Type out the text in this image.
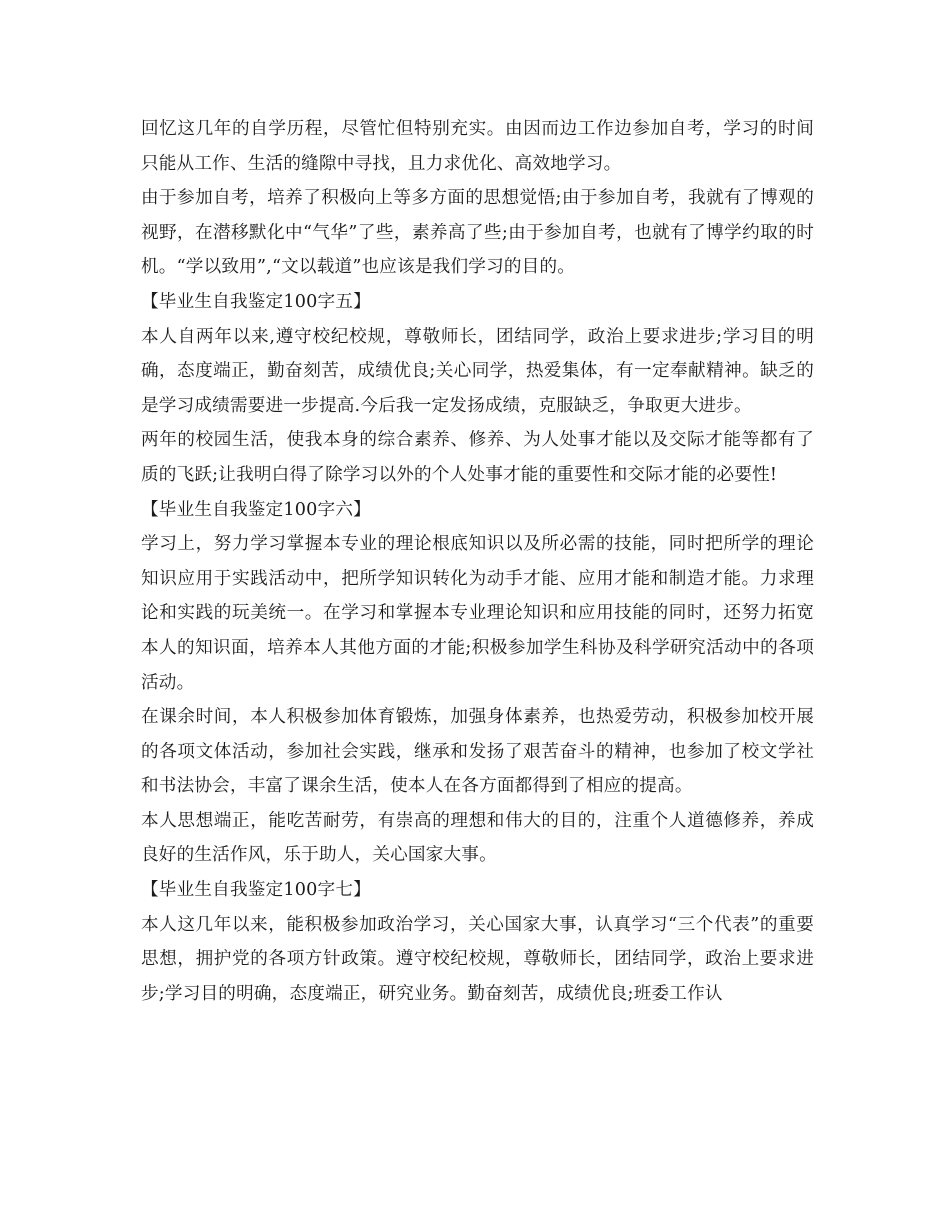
回忆这几年的自学历程，尽管忙但特别充实。由因而边工作边参加自考，学习的时间只能从工作、生活的缝隙中寻找，且力求优化、高效地学习。

由于参加自考，培养了积极向上等多方面的思想觉悟;由于参加自考，我就有了博观的视野，在潜移默化中“气华”了些，素养高了些;由于参加自考，也就有了博学约取的时机。“学以致用”,“文以载道”也应该是我们学习的目的。

【毕业生自我鉴定100字五】

本人自两年以来,遵守校纪校规，尊敬师长，团结同学，政治上要求进步;学习目的明确，态度端正，勤奋刻苦，成绩优良;关心同学，热爱集体，有一定奉献精神。缺乏的是学习成绩需要进一步提高.今后我一定发扬成绩，克服缺乏，争取更大进步。

两年的校园生活，使我本身的综合素养、修养、为人处事才能以及交际才能等都有了质的飞跃;让我明白得了除学习以外的个人处事才能的重要性和交际才能的必要性!

【毕业生自我鉴定100字六】

学习上，努力学习掌握本专业的理论根底知识以及所必需的技能，同时把所学的理论知识应用于实践活动中，把所学知识转化为动手才能、应用才能和制造才能。力求理论和实践的玩美统一。在学习和掌握本专业理论知识和应用技能的同时，还努力拓宽本人的知识面，培养本人其他方面的才能;积极参加学生科协及科学研究活动中的各项活动。

在课余时间，本人积极参加体育锻炼，加强身体素养，也热爱劳动，积极参加校开展的各项文体活动，参加社会实践，继承和发扬了艰苦奋斗的精神，也参加了校文学社和书法协会，丰富了课余生活，使本人在各方面都得到了相应的提高。

本人思想端正，能吃苦耐劳，有崇高的理想和伟大的目的，注重个人道德修养，养成良好的生活作风，乐于助人，关心国家大事。

【毕业生自我鉴定100字七】

本人这几年以来，能积极参加政治学习，关心国家大事，认真学习“三个代表”的重要思想，拥护党的各项方针政策。遵守校纪校规，尊敬师长，团结同学，政治上要求进步;学习目的明确，态度端正，研究业务。勤奋刻苦，成绩优良;班委工作认
